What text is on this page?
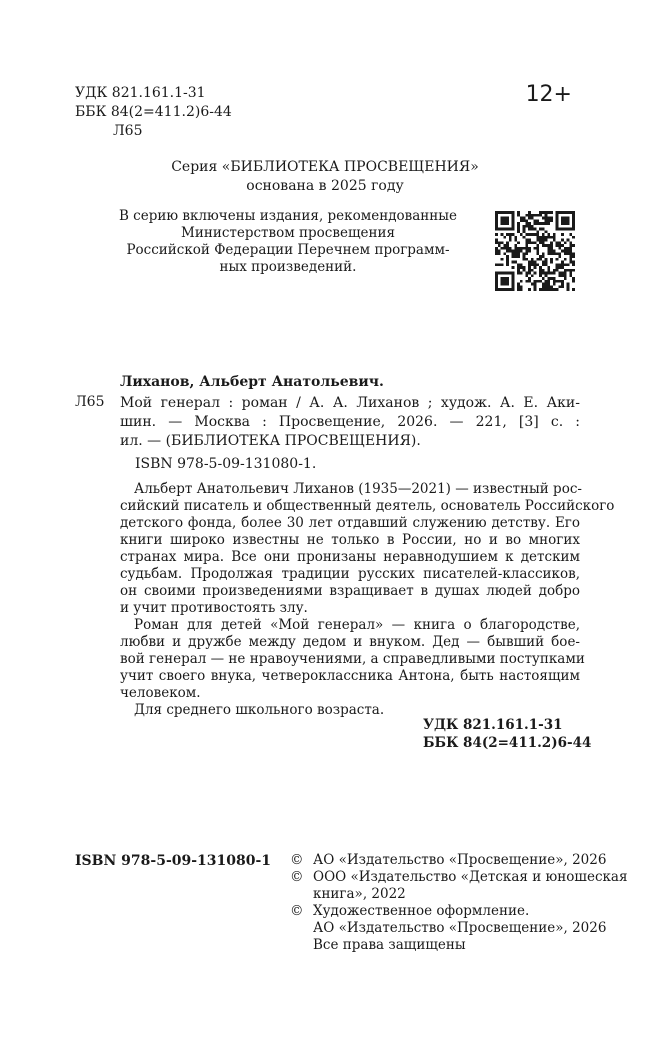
УДК 821.161.1-31
ББК 84(2=411.2)6-44
Л65
12+
Серия «БИБЛИОТЕКА ПРОСВЕЩЕНИЯ»
основана в 2025 году
В серию включены издания, рекомендованные
Министерством просвещения
Российской Федерации Перечнем программ-
ных произведений.
Лиханов, Альберт Анатольевич.
Л65 Мой генерал : роман / А. А. Лиханов ; худож. А. Е. Аки-
шин. — Москва : Просвещение, 2026. — 221, [3] с. :
ил. — (БИБЛИОТЕКА ПРОСВЕЩЕНИЯ).
ISBN 978-5-09-131080-1.
Альберт Анатольевич Лиханов (1935—2021) — известный рос-
сийский писатель и общественный деятель, основатель Российского
детского фонда, более 30 лет отдавший служению детству. Его
книги широко известны не только в России, но и во многих
странах мира. Все они пронизаны неравнодушием к детским
судьбам. Продолжая традиции русских писателей-классиков,
он своими произведениями взращивает в душах людей добро
и учит противостоять злу.
Роман для детей «Мой генерал» — книга о благородстве,
любви и дружбе между дедом и внуком. Дед — бывший боe-
вой генерал — не нравоучениями, а справедливыми поступками
учит своего внука, четвероклассника Антона, быть настоящим
человеком.
Для среднего школьного возраста.
УДК 821.161.1-31
ББК 84(2=411.2)6-44
ISBN 978-5-09-131080-1 © АО «Издательство «Просвещение», 2026
© ООО «Издательство «Детская и юношеская
книга», 2022
© Художественное оформление.
АО «Издательство «Просвещение», 2026
Все права защищены
